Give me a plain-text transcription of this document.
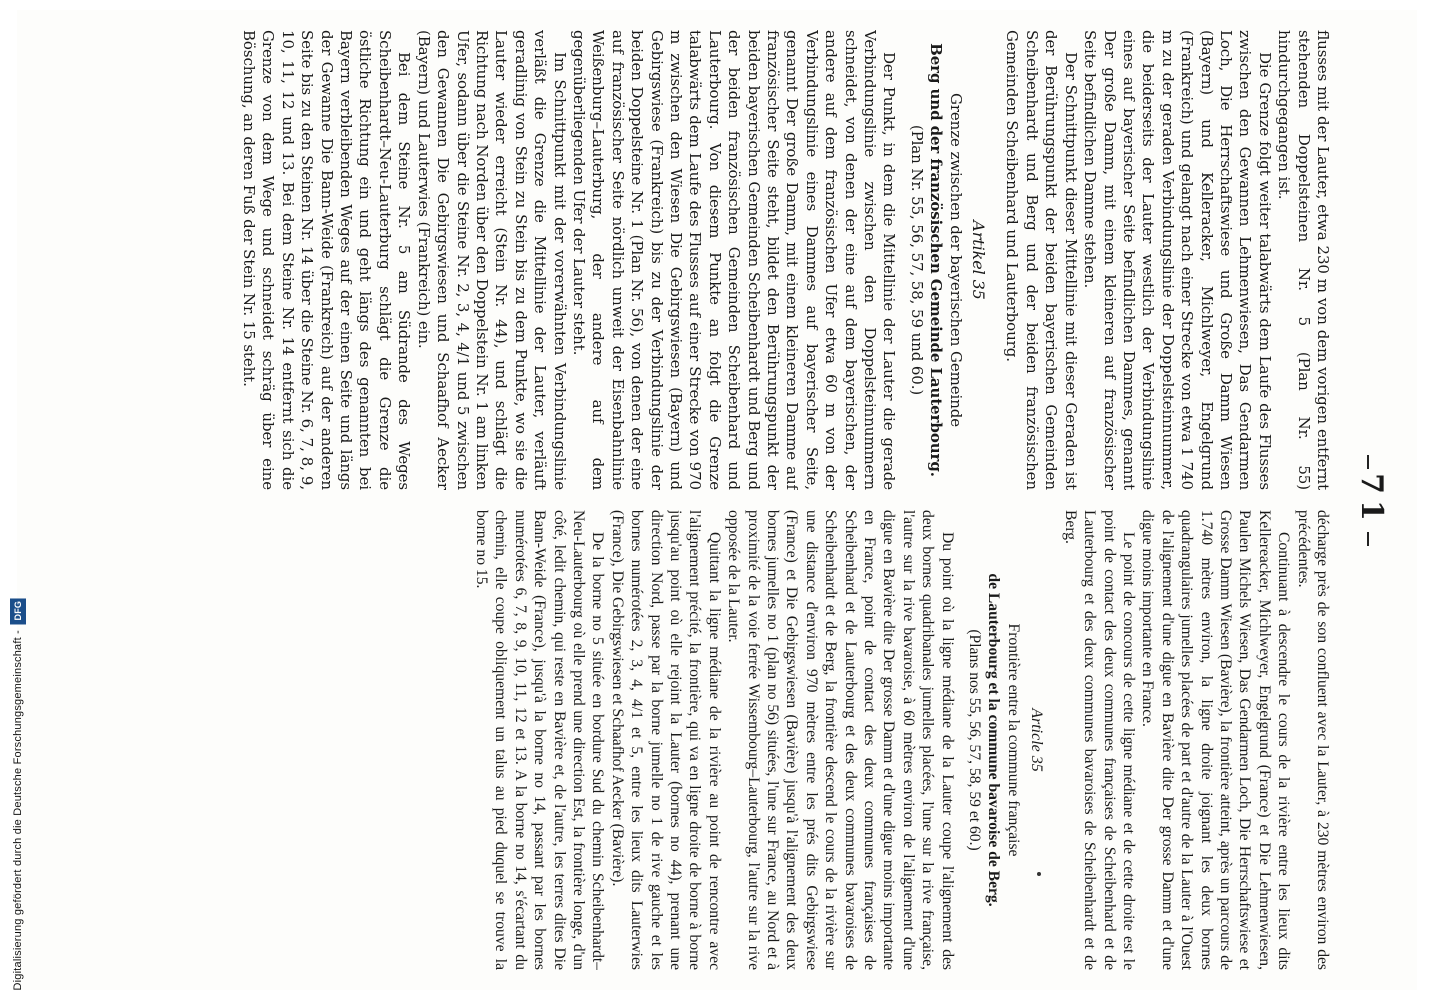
71

flusses mit der Lauter, etwa 230 m von dem vorigen entfernt stehenden Doppelsteinen Nr. 5 (Plan Nr. 55) hindurchgegangen ist.

Die Grenze folgt weiter talabwärts dem Laufe des Flusses zwischen den Gewannen Lehmenwiesen, Das Gendarmen Loch, Die Herrschaftswiese und Große Damm Wiesen (Bayern) und Kelleracker, Michlweyer, Engelgrund (Frankreich) und gelangt nach einer Strecke von etwa 1 740 m zu der geraden Verbindungslinie der Doppelsteinnummer, die beiderseits der Lauter westlich der Verbindungslinie eines auf bayerischer Seite befindlichen Dammes, genannt Der große Damm, mit einem kleineren auf französischer Seite befindlichen Damme stehen.

Der Schnittpunkt dieser Mittellinie mit dieser Geraden ist der Berührungspunkt der beiden bayerischen Gemeinden Scheibenhardt und Berg und der beiden französischen Gemeinden Scheibenhard und Lauterbourg.

Artikel 35
Grenze zwischen der bayerischen Gemeinde
Berg und der französischen Gemeinde Lauterbourg.
(Plan Nr. 55, 56, 57, 58, 59 und 60.)

Der Punkt, in dem die Mittellinie der Lauter die gerade Verbindungslinie zwischen den Doppelsteinnummern schneidet, von denen der eine auf dem bayerischen, der andere auf dem französischen Ufer etwa 60 m von der Verbindungslinie eines Dammes auf bayerischer Seite, genannt Der große Damm, mit einem kleineren Damme auf französischer Seite steht, bildet den Berührungspunkt der beiden bayerischen Gemeinden Scheibenhardt und Berg und der beiden französischen Gemeinden Scheibenhard und Lauterbourg. Von diesem Punkte an folgt die Grenze talabwärts dem Laufe des Flusses auf einer Strecke von 970 m zwischen den Wiesen Die Gebirgswiesen (Bayern) und Gebirgswiese (Frankreich) bis zu der Verbindungslinie der beiden Doppelsteine Nr. 1 (Plan Nr. 56), von denen der eine auf französischer Seite nördlich unweit der Eisenbahnlinie Weißenburg–Lauterburg, der andere auf dem gegenüberliegenden Ufer der Lauter steht.

Im Schnittpunkt mit der vorerwähnten Verbindungslinie verläßt die Grenze die Mittellinie der Lauter, verläuft geradlinig von Stein zu Stein bis zu dem Punkte, wo sie die Lauter wieder erreicht (Stein Nr. 44), und schlägt die Richtung nach Norden über den Doppelstein Nr. 1 am linken Ufer, sodann über die Steine Nr. 2, 3, 4, 4/1 und 5 zwischen den Gewannen Die Gebirgswiesen und Schaafhof Aecker (Bayern) und Lauterwies (Frankreich) ein.

Bei dem Steine Nr. 5 am Südrande des Weges Scheibenhardt–Neu-Lauterburg schlägt die Grenze die östliche Richtung ein und geht längs des genannten bei Bayern verbleibenden Weges auf der einen Seite und längs der Gewanne Die Bann-Weide (Frankreich) auf der anderen Seite bis zu den Steinen Nr. 14 über die Steine Nr. 6, 7, 8, 9, 10, 11, 12 und 13. Bei dem Steine Nr. 14 entfernt sich die Grenze von dem Wege und schneidet schräg über eine Böschung, an deren Fuß der Stein Nr. 15 steht.

décharge près de son confluent avec la Lauter, à 230 mètres environ des précédentes.

Continuant à descendre le cours de la rivière entre les lieux dits Kellereacker, Michlweyer, Engelgrund (France) et Die Lehmenwiesen, Paulen Michels Wiesen, Das Gendarmen Loch, Die Herrschaftswiese et Grosse Damm Wiesen (Bavière), la frontière atteint, après un parcours de 1.740 mètres environ, la ligne droite joignant les deux bornes quadrangulaires jumelles placées de part et d'autre de la Lauter à l'Ouest de l'alignement d'une digue en Bavière dite Der grosse Damm et d'une digue moins importante en France.

Le point de concours de cette ligne médiane et de cette droite est le point de contact des deux communes françaises de Scheibenhard et de Lauterbourg et des deux communes bavaroises de Scheibenhardt et de Berg.

Article 35
Frontière entre la commune française
de Lauterbourg et la commune bavaroise de Berg.
(Plans nos 55, 56, 57, 58, 59 et 60.)

Du point où la ligne médiane de la Lauter coupe l'alignement des deux bornes quadribanales jumelles placées, l'une sur la rive française, l'autre sur la rive bavaroise, à 60 mètres environ de l'alignement d'une digue en Bavière dite Der grosse Damm et d'une digue moins importante en France, point de contact des deux communes françaises de Scheibenhard et de Lauterbourg et des deux communes bavaroises de Scheibenhardt et de Berg, la frontière descend le cours de la rivière sur une distance d'environ 970 mètres entre les prés dits Gebirgswiese (France) et Die Gebirgswiesen (Bavière) jusqu'à l'alignement des deux bornes jumelles no 1 (plan no 56) situées, l'une sur France, au Nord et à proximité de la voie ferrée Wissembourg–Lauterbourg, l'autre sur la rive opposée de la Lauter.

Quittant la ligne médiane de la rivière au point de rencontre avec l'alignement précité, la frontière, qui va en ligne droite de borne à borne jusqu'au point où elle rejoint la Lauter (bornes no 44), prenant une direction Nord, passe par la borne jumelle no 1 de rive gauche et les bornes numérotées 2, 3, 4, 4/1 et 5, entre les lieux dits Lauterwies (France), Die Gebirgswiesen et Schaafhof Aecker (Bavière).

De la borne no 5 située en bordure Sud du chemin Scheibenhardt–Neu-Lauterbourg où elle prend une direction Est, la frontière longe, d'un côté, ledit chemin, qui reste en Bavière et, de l'autre, les terres dites Die Bann-Weide (France), jusqu'à la borne no 14, passant par les bornes numérotées 6, 7, 8, 9, 10, 11, 12 et 13. A la borne no 14, s'écartant du chemin, elle coupe obliquement un talus au pied duquel se trouve la borne no 15.

Digitalisierung gefördert durch die Deutsche Forschungsgemeinschaft -
DFG
